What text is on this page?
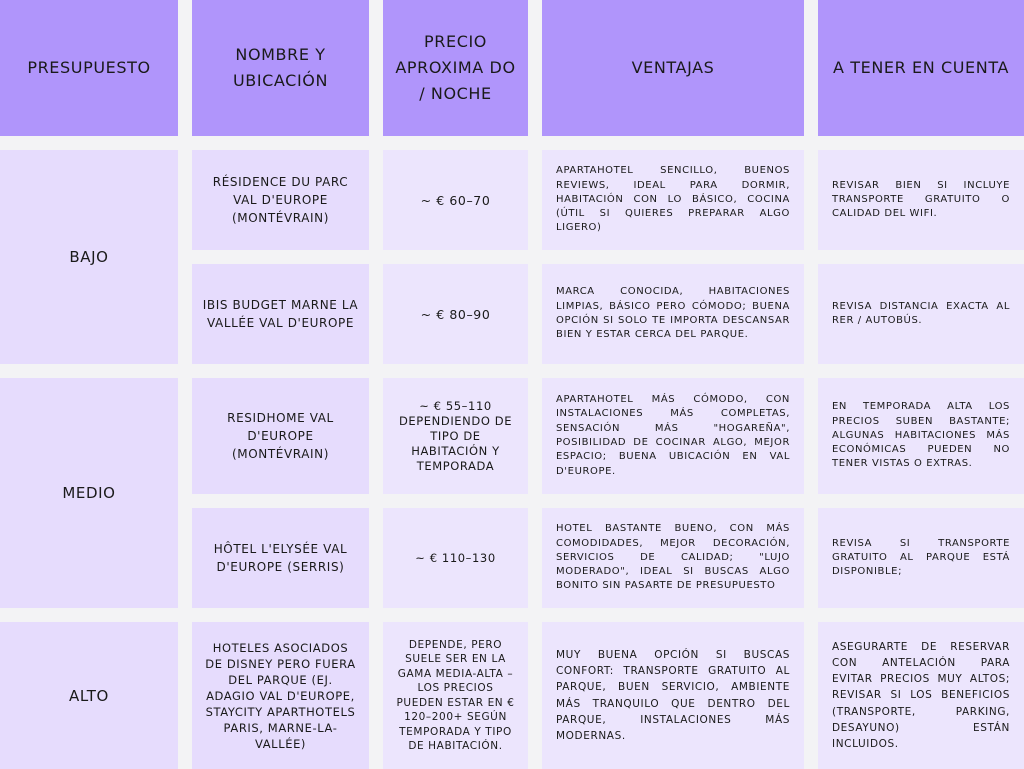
PRESUPUESTO
NOMBRE Y UBICACIÓN
PRECIO APROXIMA DO / NOCHE
VENTAJAS	A TENER EN CUENTA
BAJO
MEDIO
ALTO
RÉSIDENCE DU PARC VAL D'EUROPE (MONTÉVRAIN)
~ € 60–70
APARTAHOTEL SENCILLO, BUENOS REVIEWS, IDEAL PARA DORMIR, HABITACIÓN CON LO BÁSICO, COCINA (ÚTIL SI QUIERES PREPARAR ALGO LIGERO)
REVISAR BIEN SI INCLUYE TRANSPORTE GRATUITO O CALIDAD DEL WIFI.
IBIS BUDGET MARNE LA VALLÉE VAL D'EUROPE
~ € 80–90
MARCA CONOCIDA, HABITACIONES LIMPIAS, BÁSICO PERO CÓMODO; BUENA OPCIÓN SI SOLO TE IMPORTA DESCANSAR BIEN Y ESTAR CERCA DEL PARQUE.
REVISA DISTANCIA EXACTA AL RER / AUTOBÚS.
RESIDHOME VAL D'EUROPE (MONTÉVRAIN)
~ € 55–110 DEPENDIENDO DE TIPO DE HABITACIÓN Y TEMPORADA
APARTAHOTEL MÁS CÓMODO, CON INSTALACIONES MÁS COMPLETAS, SENSACIÓN MÁS "HOGAREÑA", POSIBILIDAD DE COCINAR ALGO, MEJOR ESPACIO; BUENA UBICACIÓN EN VAL D'EUROPE.
EN TEMPORADA ALTA LOS PRECIOS SUBEN BASTANTE; ALGUNAS HABITACIONES MÁS ECONÓMICAS PUEDEN NO TENER VISTAS O EXTRAS.
HÔTEL L'ELYSÉE VAL D'EUROPE (SERRIS)
~ € 110–130
HOTEL BASTANTE BUENO, CON MÁS COMODIDADES, MEJOR DECORACIÓN, SERVICIOS DE CALIDAD; "LUJO MODERADO", IDEAL SI BUSCAS ALGO BONITO SIN PASARTE DE PRESUPUESTO
REVISA SI TRANSPORTE GRATUITO AL PARQUE ESTÁ DISPONIBLE;
HOTELES ASOCIADOS DE DISNEY PERO FUERA DEL PARQUE (EJ. ADAGIO VAL D'EUROPE, STAYCITY APARTHOTELS PARIS, MARNE-LA-VALLÉE)
DEPENDE, PERO SUELE SER EN LA GAMA MEDIA-ALTA – LOS PRECIOS PUEDEN ESTAR EN € 120–200+ SEGÚN TEMPORADA Y TIPO DE HABITACIÓN.
MUY BUENA OPCIÓN SI BUSCAS CONFORT: TRANSPORTE GRATUITO AL PARQUE, BUEN SERVICIO, AMBIENTE MÁS TRANQUILO QUE DENTRO DEL PARQUE, INSTALACIONES MÁS MODERNAS.
ASEGURARTE DE RESERVAR CON ANTELACIÓN PARA EVITAR PRECIOS MUY ALTOS; REVISAR SI LOS BENEFICIOS (TRANSPORTE, PARKING, DESAYUNO) ESTÁN INCLUIDOS.
